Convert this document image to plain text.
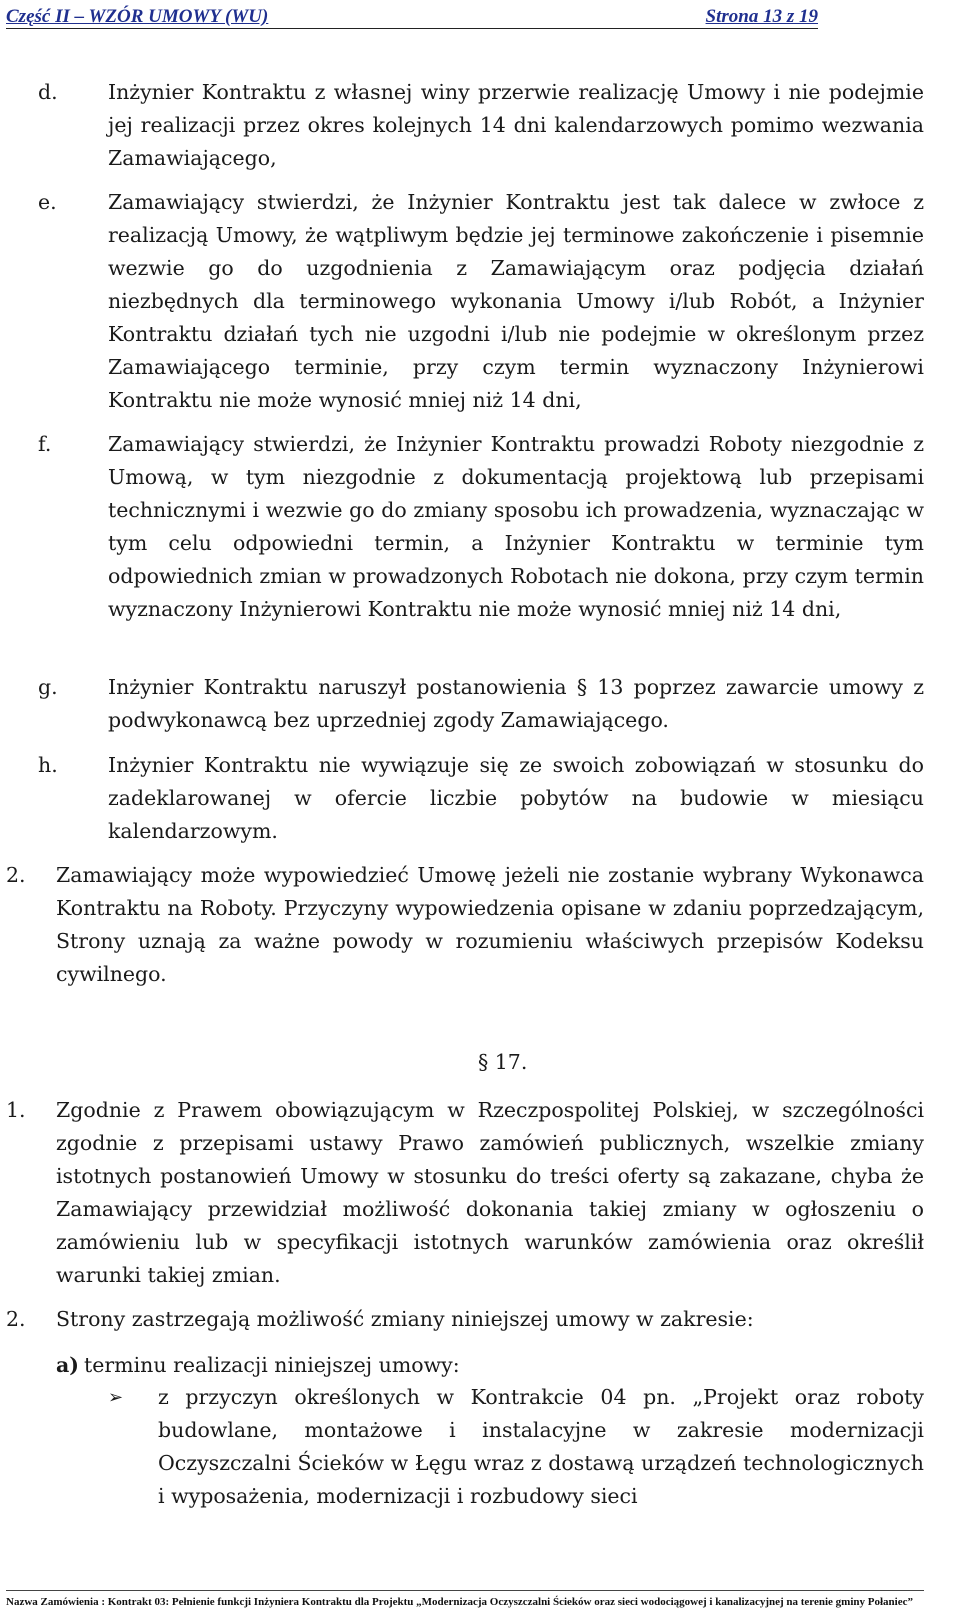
Część II – WZÓR UMOWY (WU)	Strona 13 z 19
d. Inżynier Kontraktu z własnej winy przerwie realizację Umowy i nie podejmie jej realizacji przez okres kolejnych 14 dni kalendarzowych pomimo wezwania Zamawiającego,
e.	Zamawiający stwierdzi, że Inżynier Kontraktu jest tak dalece w zwłoce z realizacją Umowy, że wątpliwym będzie jej terminowe zakończenie i pisemnie wezwie go do uzgodnienia z Zamawiającym oraz podjęcia działań niezbędnych dla terminowego wykonania Umowy i/lub Robót, a Inżynier Kontraktu działań tych nie uzgodni i/lub nie podejmie w określonym przez Zamawiającego terminie, przy czym termin wyznaczony Inżynierowi Kontraktu nie może wynosić mniej niż 14 dni,
f.	Zamawiający stwierdzi, że Inżynier Kontraktu prowadzi Roboty niezgodnie z Umową, w tym niezgodnie z dokumentacją projektową lub przepisami technicznymi i wezwie go do zmiany sposobu ich prowadzenia, wyznaczając w tym celu odpowiedni termin, a Inżynier Kontraktu w terminie tym odpowiednich zmian w prowadzonych Robotach nie dokona, przy czym termin wyznaczony Inżynierowi Kontraktu nie może wynosić mniej niż 14 dni,
g. Inżynier Kontraktu naruszył postanowienia § 13 poprzez zawarcie umowy z podwykonawcą bez uprzedniej zgody Zamawiającego.
h. Inżynier Kontraktu nie wywiązuje się ze swoich zobowiązań w stosunku do zadeklarowanej w ofercie liczbie pobytów na budowie w miesiącu kalendarzowym.
2. Zamawiający może wypowiedzieć Umowę jeżeli nie zostanie wybrany Wykonawca Kontraktu na Roboty. Przyczyny wypowiedzenia opisane w zdaniu poprzedzającym, Strony uznają za ważne powody w rozumieniu właściwych przepisów Kodeksu cywilnego.
§ 17.
1. Zgodnie z Prawem obowiązującym w Rzeczpospolitej Polskiej, w szczególności zgodnie z przepisami ustawy Prawo zamówień publicznych, wszelkie zmiany istotnych postanowień Umowy w stosunku do treści oferty są zakazane, chyba że Zamawiający przewidział możliwość dokonania takiej zmiany w ogłoszeniu o zamówieniu lub w specyfikacji istotnych warunków zamówienia oraz określił warunki takiej zmian.
2. Strony zastrzegają możliwość zmiany niniejszej umowy w zakresie:
a) terminu realizacji niniejszej umowy:
➢ z przyczyn określonych w Kontrakcie 04 pn. „Projekt oraz roboty budowlane, montażowe i instalacyjne w zakresie modernizacji Oczyszczalni Ścieków w Łęgu wraz z dostawą urządzeń technologicznych i wyposażenia, modernizacji i rozbudowy sieci
Nazwa Zamówienia : Kontrakt 03: Pełnienie funkcji Inżyniera Kontraktu dla Projektu „Modernizacja Oczyszczalni Ścieków oraz sieci wodociągowej i kanalizacyjnej na terenie gminy Połaniec”
